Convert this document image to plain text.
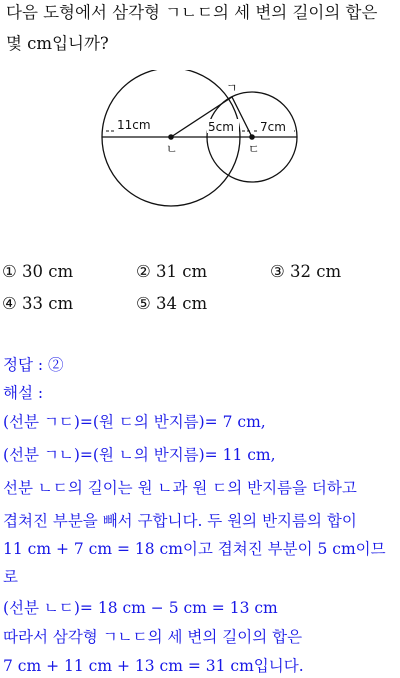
다음 도형에서 삼각형 ㄱㄴㄷ의 세 변의 길이의 합은
몇 cm입니까?
11cm	5cm 7cm
ㄱ
ㄴ	ㄷ
① 30 cm	② 31 cm	③ 32 cm
④ 33 cm	⑤ 34 cm
정답 : ②
해설 :
(선분 ㄱㄷ)=(원 ㄷ의 반지름)= 7 cm,
(선분 ㄱㄴ)=(원 ㄴ의 반지름)= 11 cm,
선분 ㄴㄷ의 길이는 원 ㄴ과 원 ㄷ의 반지름을 더하고
겹쳐진 부분을 빼서 구합니다. 두 원의 반지름의 합이
11 cm + 7 cm = 18 cm이고 겹쳐진 부분이 5 cm이므
로
(선분 ㄴㄷ)= 18 cm − 5 cm = 13 cm
따라서 삼각형 ㄱㄴㄷ의 세 변의 길이의 합은
7 cm + 11 cm + 13 cm = 31 cm입니다.
